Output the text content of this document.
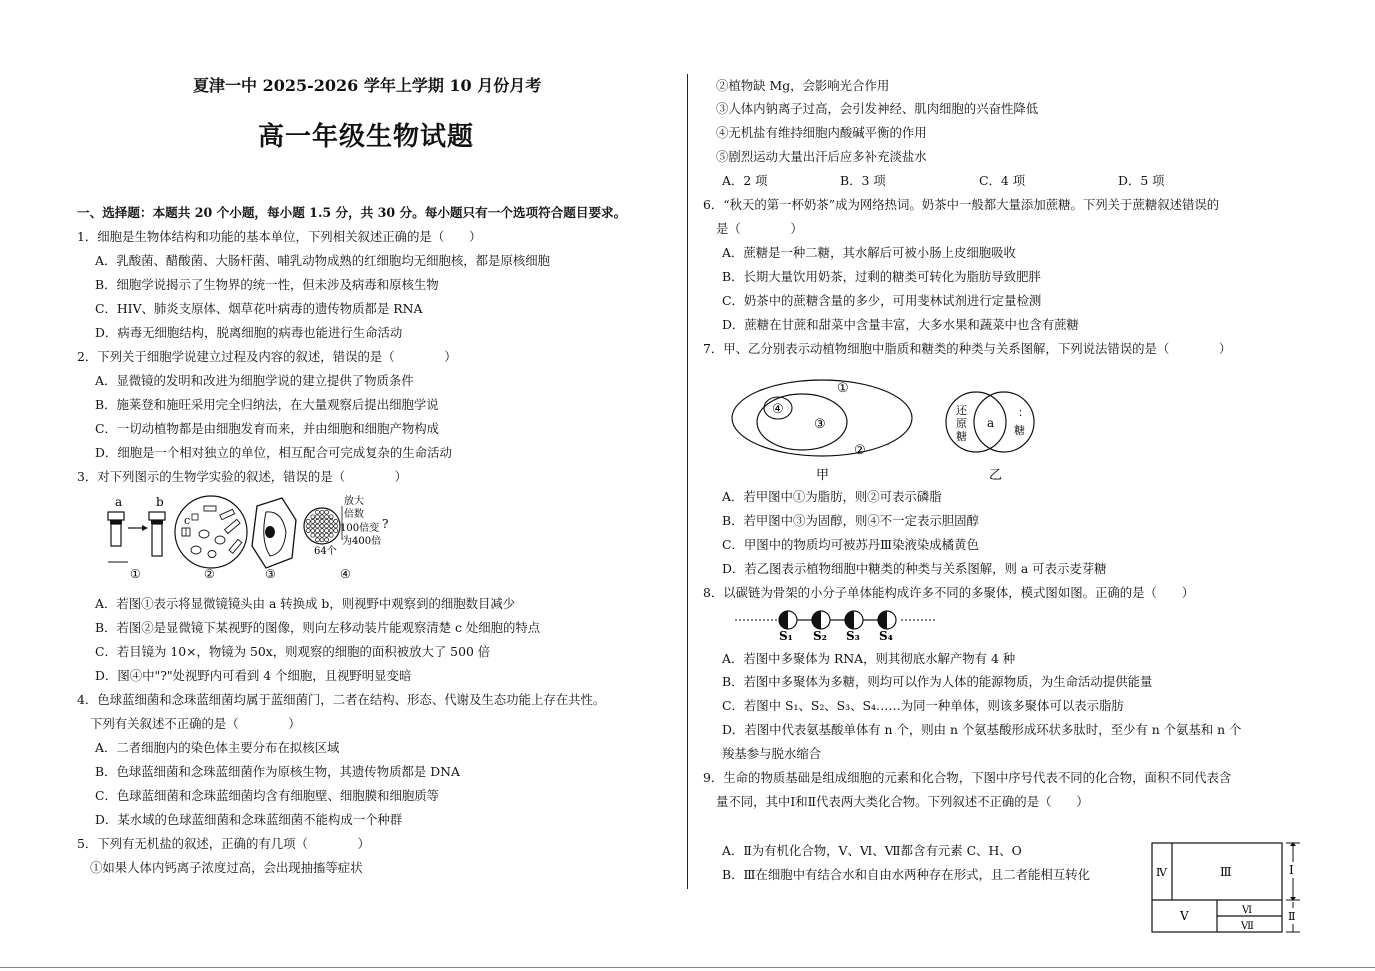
夏津一中 2025-2026 学年上学期 10 月份月考
高一年级生物试题
一、选择题：本题共 20 个小题，每小题 1.5 分，共 30 分。每小题只有一个选项符合题目要求。
1．细胞是生物体结构和功能的基本单位，下列相关叙述正确的是（　　）
A．乳酸菌、醋酸菌、大肠杆菌、哺乳动物成熟的红细胞均无细胞核，都是原核细胞
B．细胞学说揭示了生物界的统一性，但未涉及病毒和原核生物
C．HIV、肺炎支原体、烟草花叶病毒的遗传物质都是 RNA
D．病毒无细胞结构，脱离细胞的病毒也能进行生命活动
2．下列关于细胞学说建立过程及内容的叙述，错误的是（　　　　）
A．显微镜的发明和改进为细胞学说的建立提供了物质条件
B．施莱登和施旺采用完全归纳法，在大量观察后提出细胞学说
C．一切动植物都是由细胞发育而来，并由细胞和细胞产物构成
D．细胞是一个相对独立的单位，相互配合可完成复杂的生命活动
3．对下列图示的生物学实验的叙述，错误的是（　　　　）
a	b
①
c
②	③
64个
放大
倍数
100倍变
为400倍
?
④
A．若图①表示将显微镜镜头由 a 转换成 b，则视野中观察到的细胞数目减少
B．若图②是显微镜下某视野的图像，则向左移动装片能观察清楚 c 处细胞的特点
C．若目镜为 10×，物镜为 50x，则观察的细胞的面积被放大了 500 倍
D．图④中"?"处视野内可看到 4 个细胞，且视野明显变暗
4．色球蓝细菌和念珠蓝细菌均属于蓝细菌门，二者在结构、形态、代谢及生态功能上存在共性。
下列有关叙述不正确的是（　　　　）
A．二者细胞内的染色体主要分布在拟核区域
B．色球蓝细菌和念珠蓝细菌作为原核生物，其遗传物质都是 DNA
C．色球蓝细菌和念珠蓝细菌均含有细胞壁、细胞膜和细胞质等
D．某水域的色球蓝细菌和念珠蓝细菌不能构成一个种群
5．下列有无机盐的叙述，正确的有几项（　　　　）
①如果人体内钙离子浓度过高，会出现抽搐等症状
②植物缺 Mg，会影响光合作用
③人体内钠离子过高，会引发神经、肌肉细胞的兴奋性降低
④无机盐有维持细胞内酸碱平衡的作用
⑤剧烈运动大量出汗后应多补充淡盐水
A．2 项	B．3 项	C．4 项	D．5 项
6．“秋天的第一杯奶茶”成为网络热词。奶茶中一般都大量添加蔗糖。下列关于蔗糖叙述错误的
是（　　　　）
A．蔗糖是一种二糖，其水解后可被小肠上皮细胞吸收
B．长期大量饮用奶茶，过剩的糖类可转化为脂肪导致肥胖
C．奶茶中的蔗糖含量的多少，可用斐林试剂进行定量检测
D．蔗糖在甘蔗和甜菜中含量丰富，大多水果和蔬菜中也含有蔗糖
7．甲、乙分别表示动植物细胞中脂质和糖类的种类与关系图解，下列说法错误的是（　　　　）
④
③
①
②
甲
还
原
糖
a
：
糖
乙
A．若甲图中①为脂肪，则②可表示磷脂
B．若甲图中③为固醇，则④不一定表示胆固醇
C．甲图中的物质均可被苏丹Ⅲ染液染成橘黄色
D．若乙图表示植物细胞中糖类的种类与关系图解，则 a 可表示麦芽糖
8．以碳链为骨架的小分子单体能构成许多不同的多聚体，模式图如图。正确的是（　　）
S₁ S₂ S₃ S₄
A．若图中多聚体为 RNA，则其彻底水解产物有 4 种
B．若图中多聚体为多糖，则均可以作为人体的能源物质，为生命活动提供能量
C．若图中 S₁、S₂、S₃、S₄……为同一种单体，则该多聚体可以表示脂肪
D．若图中代表氨基酸单体有 n 个，则由 n 个氨基酸形成环状多肽时，至少有 n 个氨基和 n 个
羧基参与脱水缩合
9．生命的物质基础是组成细胞的元素和化合物，下图中序号代表不同的化合物，面积不同代表含
量不同，其中Ⅰ和Ⅱ代表两大类化合物。下列叙述不正确的是（　　）
A．Ⅱ为有机化合物，Ⅴ、Ⅵ、Ⅶ都含有元素 C、H、O
B．Ⅲ在细胞中有结合水和自由水两种存在形式，且二者能相互转化	Ⅳ	Ⅲ
Ⅴ	Ⅵ
Ⅶ
Ⅰ
Ⅱ
